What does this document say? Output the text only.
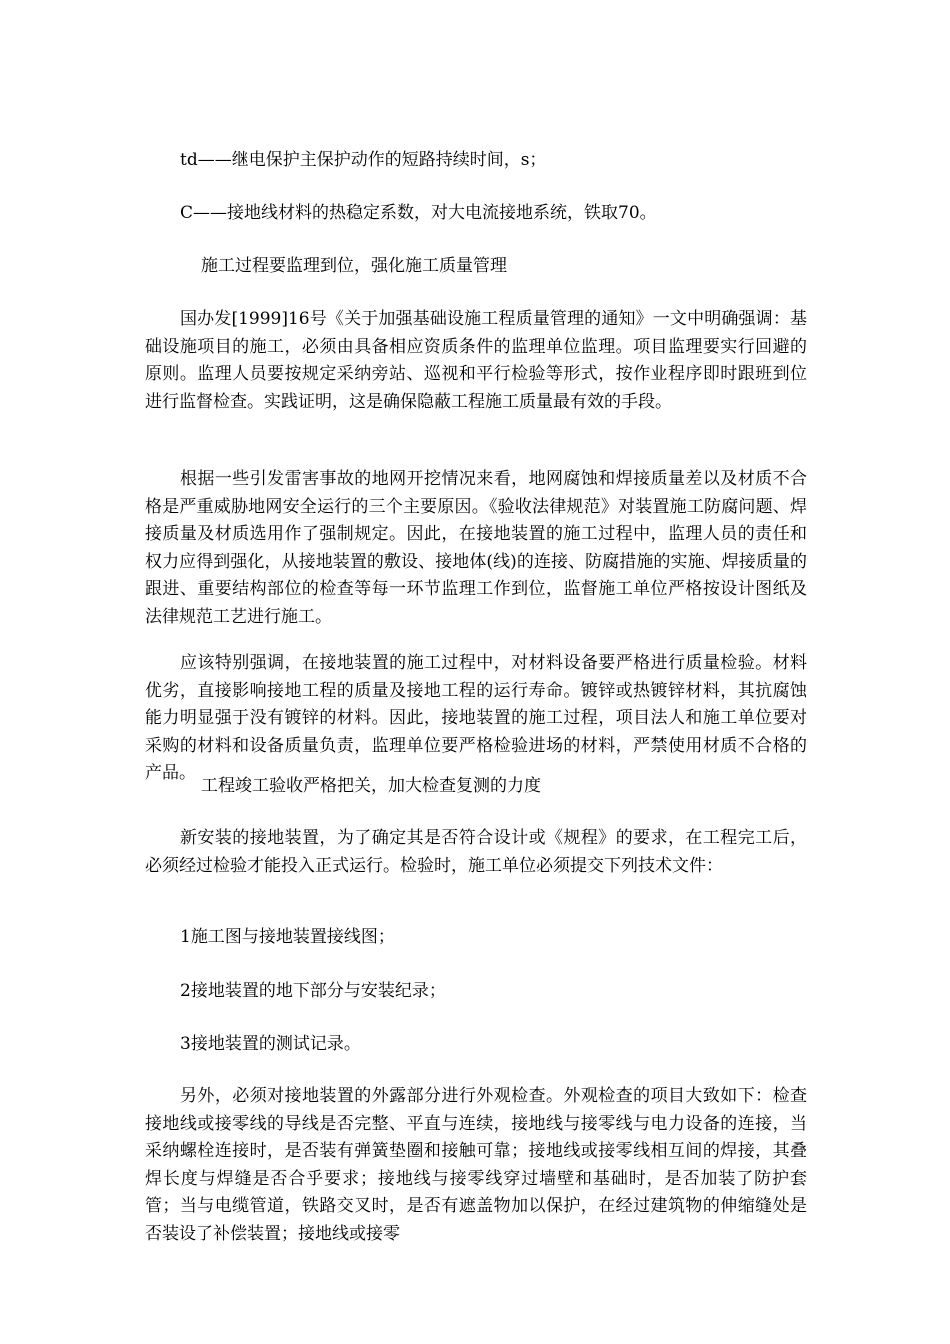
td——继电保护主保护动作的短路持续时间，s；

C——接地线材料的热稳定系数，对大电流接地系统，铁取70。

施工过程要监理到位，强化施工质量管理

国办发[1999]16号《关于加强基础设施工程质量管理的通知》一文中明确强调：基础设施项目的施工，必须由具备相应资质条件的监理单位监理。项目监理要实行回避的原则。监理人员要按规定采纳旁站、巡视和平行检验等形式，按作业程序即时跟班到位进行监督检查。实践证明，这是确保隐蔽工程施工质量最有效的手段。

根据一些引发雷害事故的地网开挖情况来看，地网腐蚀和焊接质量差以及材质不合格是严重威胁地网安全运行的三个主要原因。《验收法律规范》对装置施工防腐问题、焊接质量及材质选用作了强制规定。因此，在接地装置的施工过程中，监理人员的责任和权力应得到强化，从接地装置的敷设、接地体(线)的连接、防腐措施的实施、焊接质量的跟进、重要结构部位的检查等每一环节监理工作到位，监督施工单位严格按设计图纸及法律规范工艺进行施工。

应该特别强调，在接地装置的施工过程中，对材料设备要严格进行质量检验。材料优劣，直接影响接地工程的质量及接地工程的运行寿命。镀锌或热镀锌材料，其抗腐蚀能力明显强于没有镀锌的材料。因此，接地装置的施工过程，项目法人和施工单位要对采购的材料和设备质量负责，监理单位要严格检验进场的材料，严禁使用材质不合格的产品。

工程竣工验收严格把关，加大检查复测的力度

新安装的接地装置，为了确定其是否符合设计或《规程》的要求，在工程完工后，必须经过检验才能投入正式运行。检验时，施工单位必须提交下列技术文件：

1施工图与接地装置接线图；

2接地装置的地下部分与安装纪录；

3接地装置的测试记录。

另外，必须对接地装置的外露部分进行外观检查。外观检查的项目大致如下：检查接地线或接零线的导线是否完整、平直与连续，接地线与接零线与电力设备的连接，当采纳螺栓连接时，是否装有弹簧垫圈和接触可靠；接地线或接零线相互间的焊接，其叠焊长度与焊缝是否合乎要求；接地线与接零线穿过墙壁和基础时，是否加装了防护套管；当与电缆管道，铁路交叉时，是否有遮盖物加以保护，在经过建筑物的伸缩缝处是否装设了补偿装置；接地线或接零
